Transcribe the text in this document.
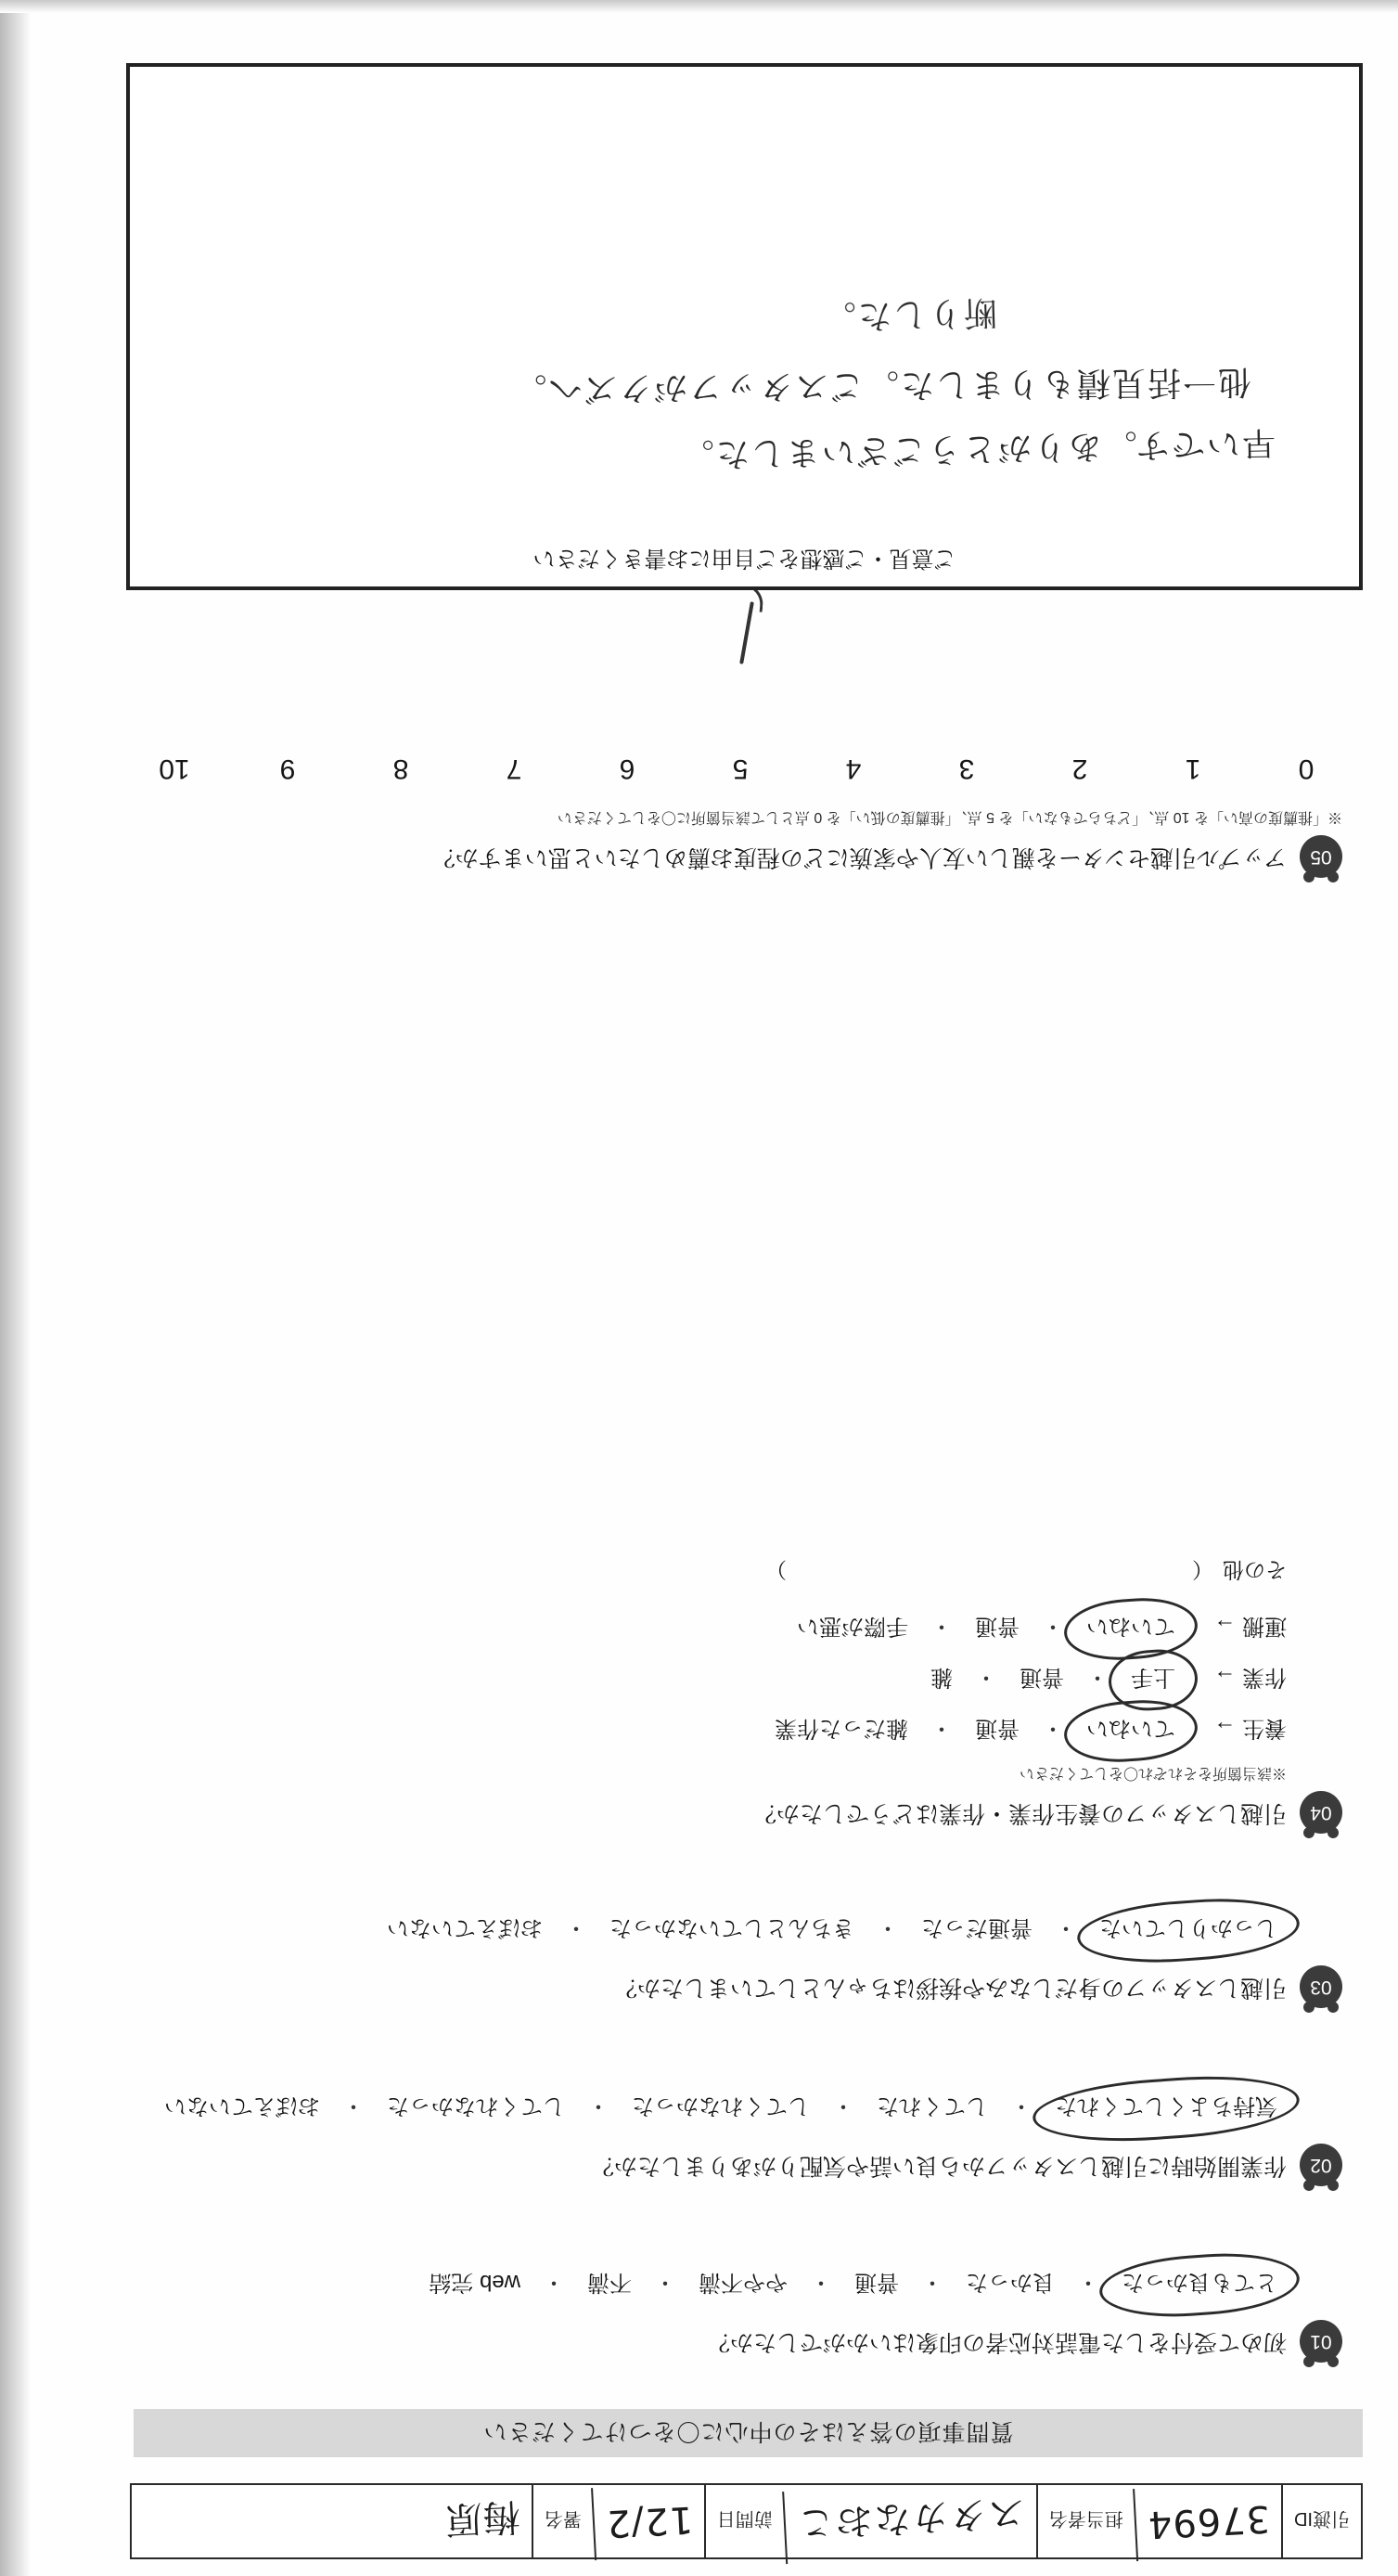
引渡ID
37694
担当者名
スタカなおこ
訪問日
12/2
署名
梅原
質問事項の答えはその中心に〇をつけてください
01
初めて受付をした電話対応者の印象はいかがでしたか？
とても良かった
・
良かった
・
普通
・
やや不満
・
不満
・
web 完結
02
作業開始時に引越しスタッフから良い話や気配りがありましたか？
気持ちよくしてくれた
・
してくれた
・
してくれなかった
・
してくれなかった
・
おぼえていない
03
引越しスタッフの身だしなみや挨拶はちゃんとしていましたか？
しっかりしていた
・
普通だった
・
きちんとしていなかった
・
おぼえていない
04
引越しスタッフの養生作業・作業はどうでしたか？
※該当箇所をそれぞれ〇をしてください
養生 →
ていねい
・
普通
・
雑だった作業
作業 →
上手
・
普通
・
雑
運搬 →
ていねい
・
普通
・
手際が悪い
その他
（　　　　　　　　　　　　　　　　　　　）
05
アップル引越センターを親しい友人や家族にどの程度お薦めしたいと思いますか？
※「推薦度の高い」を 10 点、「どちらでもない」を 5 点、「推薦度の低い」を 0 点として該当箇所に〇をしてください
0
1
2
3
4
5
6
7
8
9
10
ご意見・ご感想をご自由にお書きください
早いです。ありがとうございました。
他一括見積もりました。ごスタッフがクズへ。
断りした。
